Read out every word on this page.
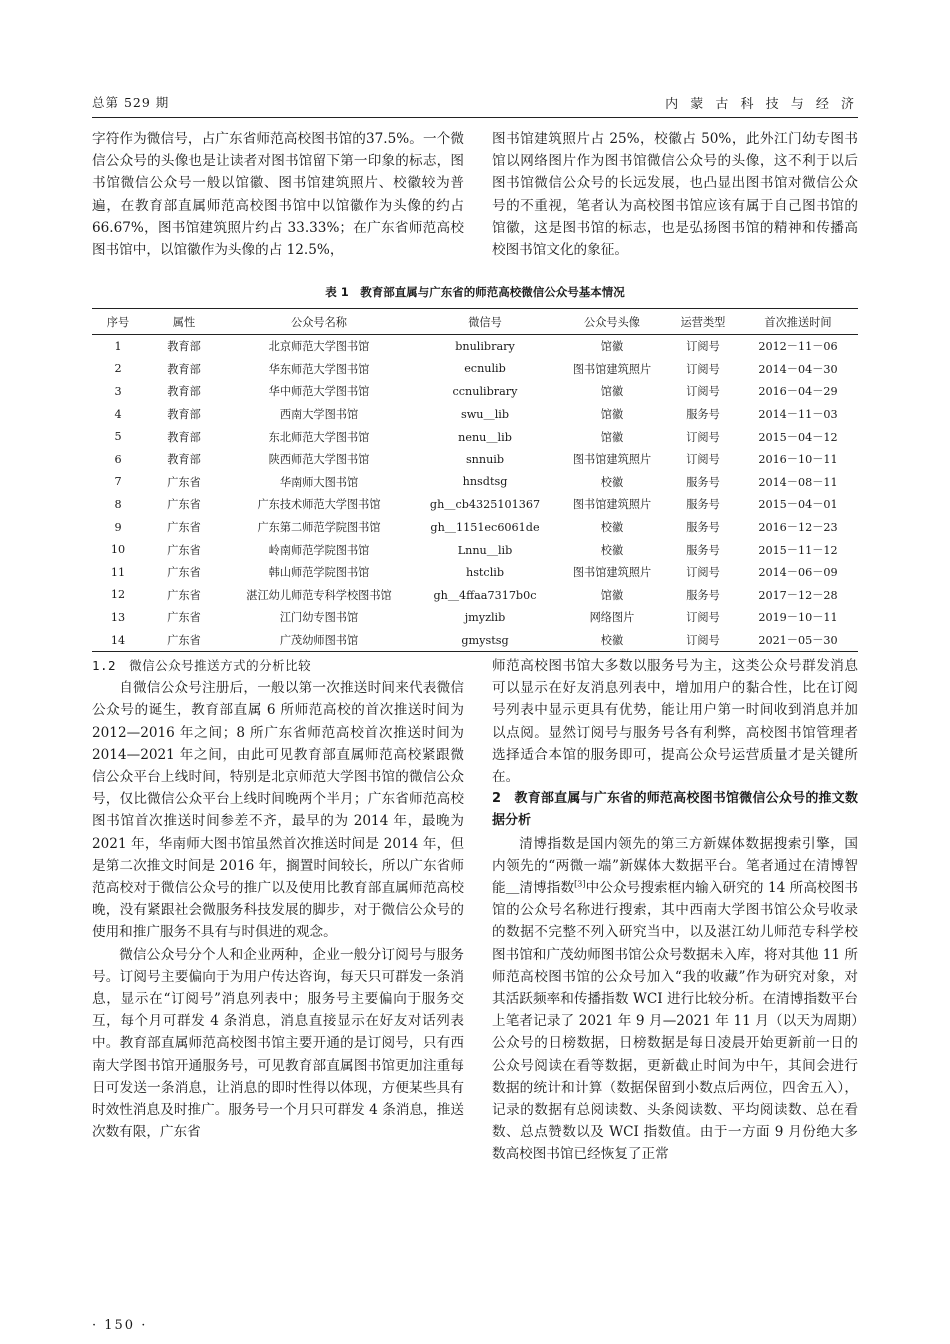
总第 529 期	内 蒙 古 科 技 与 经 济

字符作为微信号，占广东省师范高校图书馆的37.5%。一个微信公众号的头像也是让读者对图书馆留下第一印象的标志，图书馆微信公众号一般以馆徽、图书馆建筑照片、校徽较为普遍，在教育部直属师范高校图书馆中以馆徽作为头像的约占66.67%，图书馆建筑照片约占 33.33%；在广东省师范高校图书馆中，以馆徽作为头像的占 12.5%，

图书馆建筑照片占 25%，校徽占 50%，此外江门幼专图书馆以网络图片作为图书馆微信公众号的头像，这不利于以后图书馆微信公众号的长远发展，也凸显出图书馆对微信公众号的不重视，笔者认为高校图书馆应该有属于自己图书馆的馆徽，这是图书馆的标志，也是弘扬图书馆的精神和传播高校图书馆文化的象征。

表 1　教育部直属与广东省的师范高校微信公众号基本情况
序号	属性	公众号名称	微信号	公众号头像	运营类型	首次推送时间
1	教育部	北京师范大学图书馆	bnulibrary	馆徽	订阅号	2012－11－06
2	教育部	华东师范大学图书馆	ecnulib	图书馆建筑照片	订阅号	2014－04－30
3	教育部	华中师范大学图书馆	ccnulibrary	馆徽	订阅号	2016－04－29
4	教育部	西南大学图书馆	swu＿lib	馆徽	服务号	2014－11－03
5	教育部	东北师范大学图书馆	nenu＿lib	馆徽	订阅号	2015－04－12
6	教育部	陕西师范大学图书馆	snnuib	图书馆建筑照片	订阅号	2016－10－11
7	广东省	华南师大图书馆	hnsdtsg	校徽	服务号	2014－08－11
8	广东省	广东技术师范大学图书馆	gh＿cb4325101367	图书馆建筑照片	服务号	2015－04－01
9	广东省	广东第二师范学院图书馆	gh＿1151ec6061de	校徽	服务号	2016－12－23
10	广东省	岭南师范学院图书馆	Lnnu＿lib	校徽	服务号	2015－11－12
11	广东省	韩山师范学院图书馆	hstclib	图书馆建筑照片	订阅号	2014－06－09
12	广东省	湛江幼儿师范专科学校图书馆	gh＿4ffaa7317b0c	馆徽	服务号	2017－12－28
13	广东省	江门幼专图书馆	jmyzlib	网络图片	订阅号	2019－10－11
14	广东省	广茂幼师图书馆	gmystsg	校徽	订阅号	2021－05－30

1.2　微信公众号推送方式的分析比较

自微信公众号注册后，一般以第一次推送时间来代表微信公众号的诞生，教育部直属 6 所师范高校的首次推送时间为 2012—2016 年之间；8 所广东省师范高校首次推送时间为 2014—2021 年之间，由此可见教育部直属师范高校紧跟微信公众平台上线时间，特别是北京师范大学图书馆的微信公众号，仅比微信公众平台上线时间晚两个半月；广东省师范高校图书馆首次推送时间参差不齐，最早的为 2014 年，最晚为 2021 年，华南师大图书馆虽然首次推送时间是 2014 年，但是第二次推文时间是 2016 年，搁置时间较长，所以广东省师范高校对于微信公众号的推广以及使用比教育部直属师范高校晚，没有紧跟社会微服务科技发展的脚步，对于微信公众号的使用和推广服务不具有与时俱进的观念。

微信公众号分个人和企业两种，企业一般分订阅号与服务号。订阅号主要偏向于为用户传达咨询，每天只可群发一条消息，显示在“订阅号”消息列表中；服务号主要偏向于服务交互，每个月可群发 4 条消息，消息直接显示在好友对话列表中。教育部直属师范高校图书馆主要开通的是订阅号，只有西南大学图书馆开通服务号，可见教育部直属图书馆更加注重每日可发送一条消息，让消息的即时性得以体现，方便某些具有时效性消息及时推广。服务号一个月只可群发 4 条消息，推送次数有限，广东省

师范高校图书馆大多数以服务号为主，这类公众号群发消息可以显示在好友消息列表中，增加用户的黏合性，比在订阅号列表中显示更具有优势，能让用户第一时间收到消息并加以点阅。显然订阅号与服务号各有利弊，高校图书馆管理者选择适合本馆的服务即可，提高公众号运营质量才是关键所在。

2　教育部直属与广东省的师范高校图书馆微信公众号的推文数据分析

清博指数是国内领先的第三方新媒体数据搜索引擎，国内领先的“两微一端”新媒体大数据平台。笔者通过在清博智能＿清博指数[3]中公众号搜索框内输入研究的 14 所高校图书馆的公众号名称进行搜索，其中西南大学图书馆公众号收录的数据不完整不列入研究当中，以及湛江幼儿师范专科学校图书馆和广茂幼师图书馆公众号数据未入库，将对其他 11 所师范高校图书馆的公众号加入“我的收藏”作为研究对象，对其活跃频率和传播指数 WCI 进行比较分析。在清博指数平台上笔者记录了 2021 年 9 月—2021 年 11 月（以天为周期）公众号的日榜数据，日榜数据是每日凌晨开始更新前一日的公众号阅读在看等数据，更新截止时间为中午，其间会进行数据的统计和计算（数据保留到小数点后两位，四舍五入），记录的数据有总阅读数、头条阅读数、平均阅读数、总在看数、总点赞数以及 WCI 指数值。由于一方面 9 月份绝大多数高校图书馆已经恢复了正常

· 150 ·
